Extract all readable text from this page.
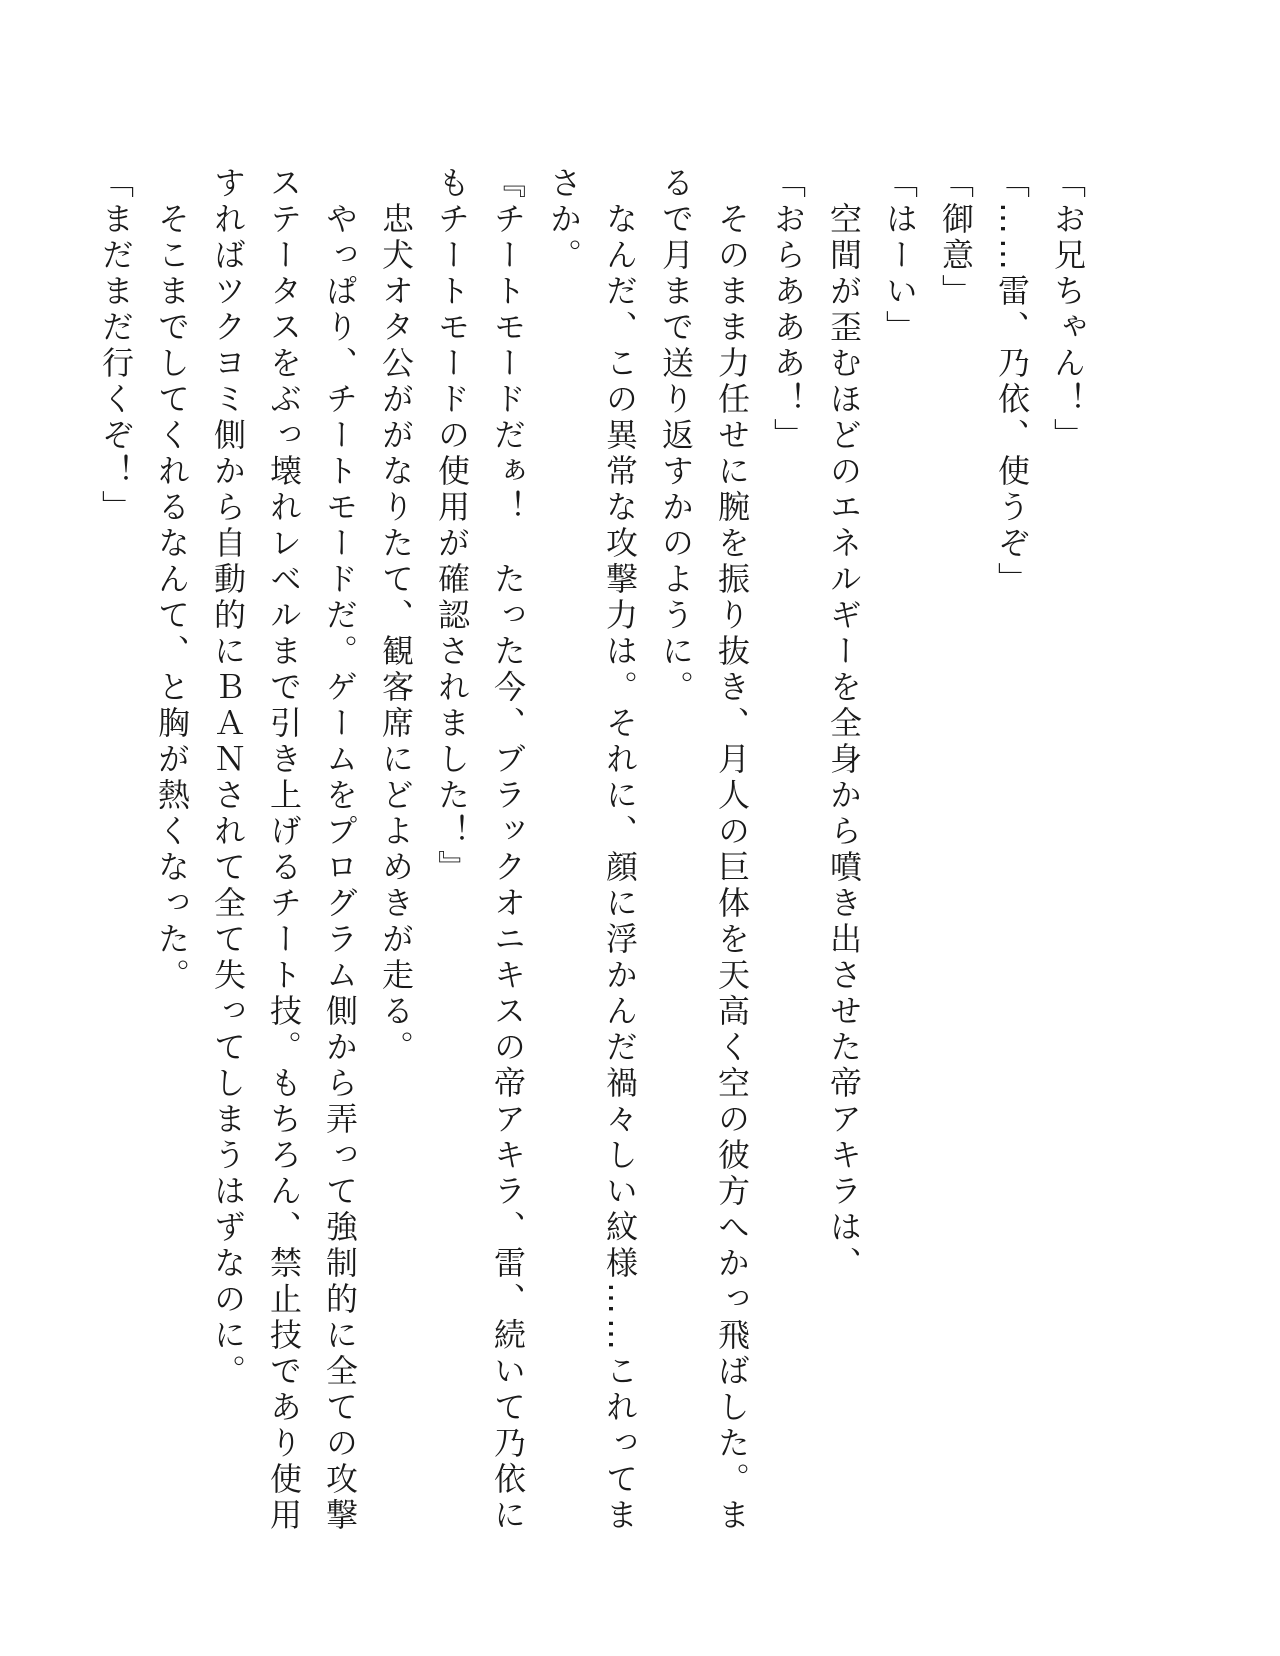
「お兄ちゃん！」

「……雷、乃依、使うぞ」

「御意」

「はーい」

　空間が歪むほどのエネルギーを全身から噴き出させた帝アキラは、

「おらあああ！」

　そのまま力任せに腕を振り抜き、月人の巨体を天高く空の彼方へかっ飛ばした。まるで月まで送り返すかのように。

　なんだ、この異常な攻撃力は。それに、顔に浮かんだ禍々しい紋様……これってまさか。

『チートモードだぁ！　たった今、ブラックオニキスの帝アキラ、雷、続いて乃依にもチートモードの使用が確認されました！』

　忠犬オタ公ががなりたて、観客席にどよめきが走る。

　やっぱり、チートモードだ。ゲームをプログラム側から弄って強制的に全ての攻撃ステータスをぶっ壊れレベルまで引き上げるチート技。もちろん、禁止技であり使用すればツクヨミ側から自動的にＢＡＮされて全て失ってしまうはずなのに。

　そこまでしてくれるなんて、と胸が熱くなった。

「まだまだ行くぞ！」
